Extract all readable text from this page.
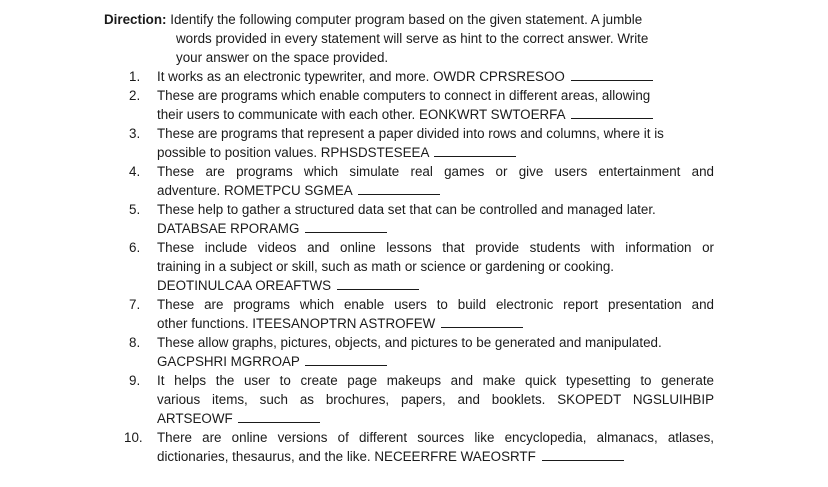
Direction: Identify the following computer program based on the given statement. A jumble
words provided in every statement will serve as hint to the correct answer. Write
your answer on the space provided.
1. It works as an electronic typewriter, and more. OWDR CPRSRESOO
2. These are programs which enable computers to connect in different areas, allowing
their users to communicate with each other. EONKWRT SWTOERFA
3. These are programs that represent a paper divided into rows and columns, where it is
possible to position values. RPHSDSTESEEA
4. These are programs which simulate real games or give users entertainment and
adventure. ROMETPCU SGMEA
5. These help to gather a structured data set that can be controlled and managed later.
DATABSAE RPORAMG
6. These include videos and online lessons that provide students with information or
training in a subject or skill, such as math or science or gardening or cooking.
DEOTINULCAA OREAFTWS
7. These are programs which enable users to build electronic report presentation and
other functions. ITEESANOPTRN ASTROFEW
8. These allow graphs, pictures, objects, and pictures to be generated and manipulated.
GACPSHRI MGRROAP
9. It helps the user to create page makeups and make quick typesetting to generate
various items, such as brochures, papers, and booklets. SKOPEDT NGSLUIHBIP
ARTSEOWF
10. There are online versions of different sources like encyclopedia, almanacs, atlases,
dictionaries, thesaurus, and the like. NECEERFRE WAEOSRTF
